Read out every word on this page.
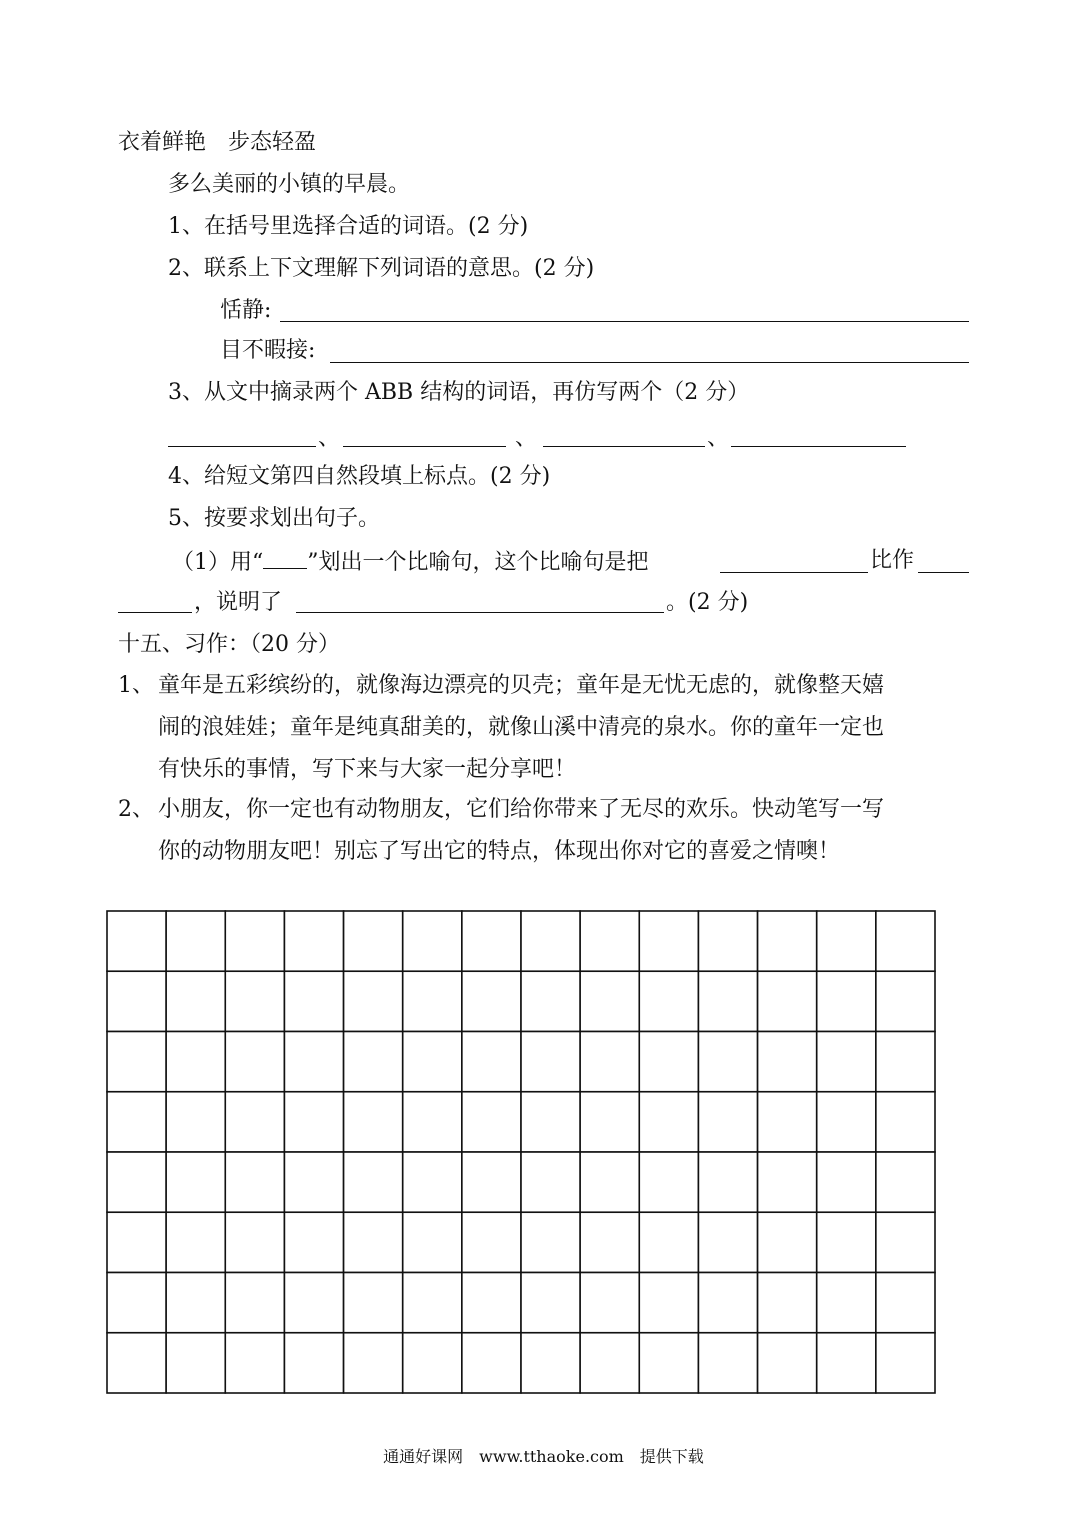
衣着鲜艳　步态轻盈
多么美丽的小镇的早晨。
1、在括号里选择合适的词语。(2 分)
2、联系上下文理解下列词语的意思。(2 分)
恬静:
目不暇接:
3、从文中摘录两个 ABB 结构的词语，再仿写两个（2 分）
、	、	、
4、给短文第四自然段填上标点。(2 分)
5、按要求划出句子。
（1）用“ ”划出一个比喻句，这个比喻句是把	比作
，说明了	。(2 分)
十五、习作：（20 分）
1、 童年是五彩缤纷的，就像海边漂亮的贝壳；童年是无忧无虑的，就像整天嬉
闹的浪娃娃；童年是纯真甜美的，就像山溪中清亮的泉水。你的童年一定也
有快乐的事情，写下来与大家一起分享吧！
2、 小朋友，你一定也有动物朋友，它们给你带来了无尽的欢乐。快动笔写一写
你的动物朋友吧！别忘了写出它的特点，体现出你对它的喜爱之情噢！
通通好课网　www.tthaoke.com　提供下载
